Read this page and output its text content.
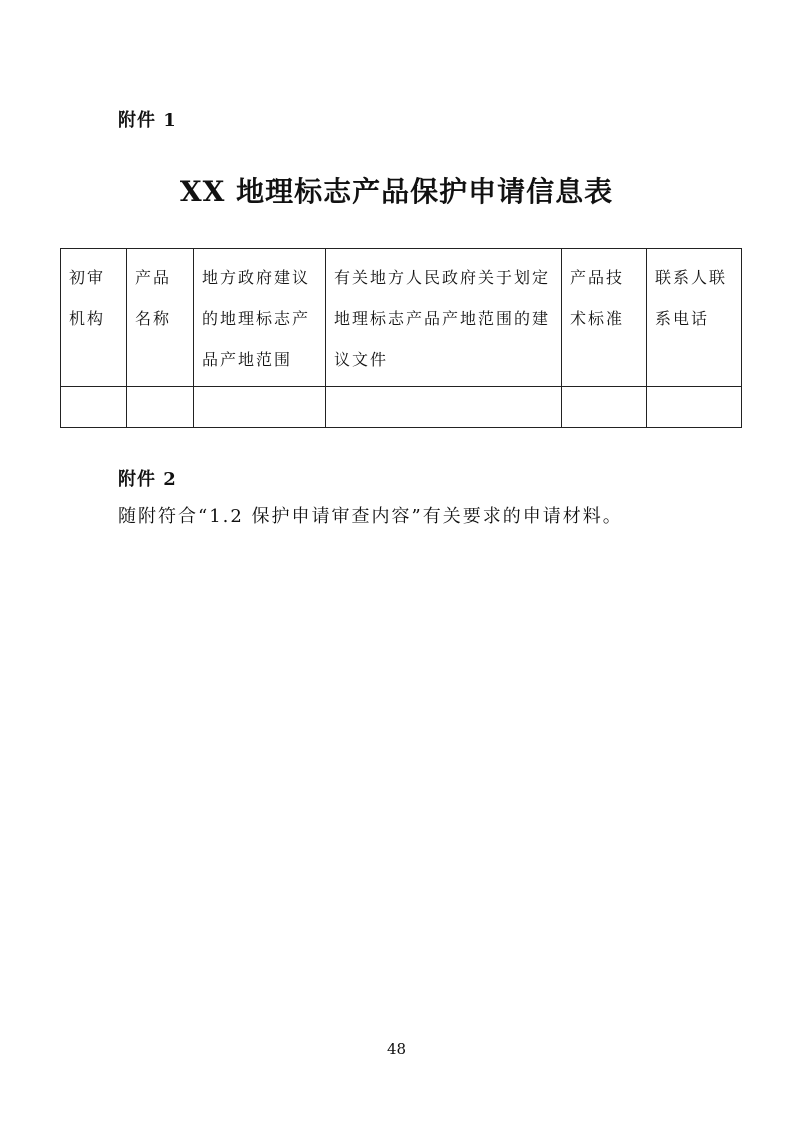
附件 1
XX 地理标志产品保护申请信息表
初审机构	产品名称	地方政府建议的地理标志产品产地范围	有关地方人民政府关于划定地理标志产品产地范围的建议文件	产品技术标准	联系人联系电话

附件 2
随附符合“1.2 保护申请审查内容”有关要求的申请材料。
48
